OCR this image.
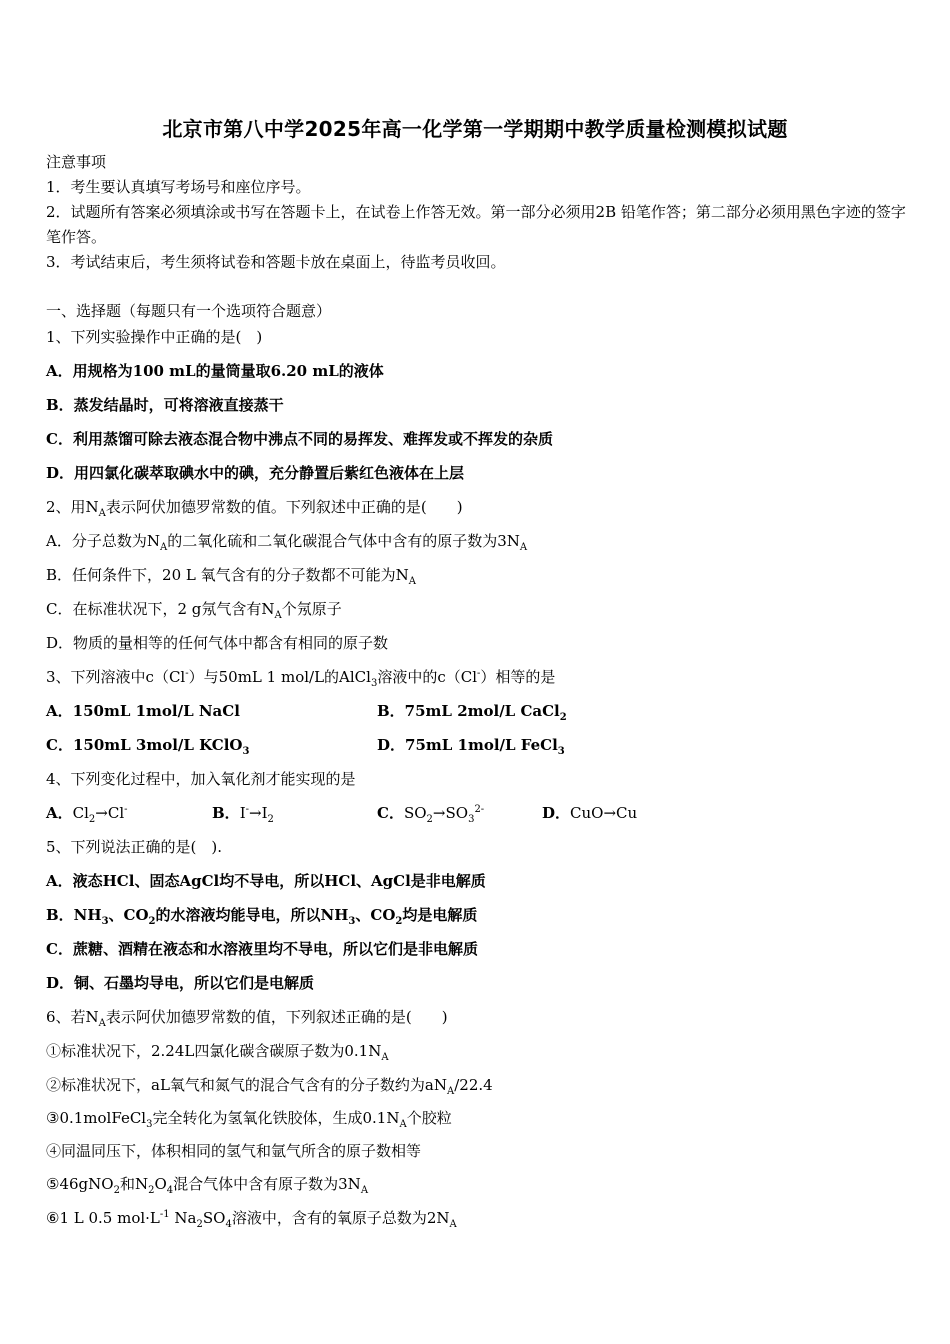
北京市第八中学2025年高一化学第一学期期中教学质量检测模拟试题
注意事项
1．考生要认真填写考场号和座位序号。
2．试题所有答案必须填涂或书写在答题卡上，在试卷上作答无效。第一部分必须用2B 铅笔作答；第二部分必须用黑色字迹的签字笔作答。
3．考试结束后，考生须将试卷和答题卡放在桌面上，待监考员收回。
一、选择题（每题只有一个选项符合题意）
1、下列实验操作中正确的是(　)
A．用规格为100 mL的量筒量取6.20 mL的液体
B．蒸发结晶时，可将溶液直接蒸干
C．利用蒸馏可除去液态混合物中沸点不同的易挥发、难挥发或不挥发的杂质
D．用四氯化碳萃取碘水中的碘，充分静置后紫红色液体在上层
2、用$N_A$表示阿伏加德罗常数的值。下列叙述中正确的是(　　)
A．分子总数为$N_A$的二氧化硫和二氧化碳混合气体中含有的原子数为$3N_A$
B．任何条件下，20 L 氧气含有的分子数都不可能为$N_A$
C．在标准状况下，2 g氖气含有$N_A$个氖原子
D．物质的量相等的任何气体中都含有相同的原子数
3、下列溶液中c（Cl-）与50mL 1 mol/L的AlCl$_3$溶液中的c（Cl-）相等的是
A．150mL 1mol/L NaCl	B．75mL 2mol/L CaCl$_2$
C．150mL 3mol/L KClO$_3$	D．75mL 1mol/L FeCl$_3$
4、下列变化过程中，加入氧化剂才能实现的是
A．$Cl_2\to Cl^-$	B．$I^-\to I_2$	C．$SO_2\to SO_3^{2-}$	D．CuO→Cu
5、下列说法正确的是(　).
A．液态HCl、固态AgCl均不导电，所以HCl、AgCl是非电解质
B．$NH_3$、$CO_2$的水溶液均能导电，所以$NH_3$、$CO_2$均是电解质
C．蔗糖、酒精在液态和水溶液里均不导电，所以它们是非电解质
D．铜、石墨均导电，所以它们是电解质
6、若$N_A$表示阿伏加德罗常数的值，下列叙述正确的是(　　)
①标准状况下，2.24L四氯化碳含碳原子数为$0.1N_A$
②标准状况下，aL氧气和氮气的混合气含有的分子数约为$aN_A/22.4$
③0.1molFeCl$_3$完全转化为氢氧化铁胶体，生成$0.1N_A$个胶粒
④同温同压下，体积相同的氢气和氩气所含的原子数相等
⑤46gNO$_2$和$N_2O_4$混合气体中含有原子数为$3N_A$
⑥1 L 0.5 $mol\cdot L^{-1}$ $Na_2SO_4$溶液中，含有的氧原子总数为$2N_A$
